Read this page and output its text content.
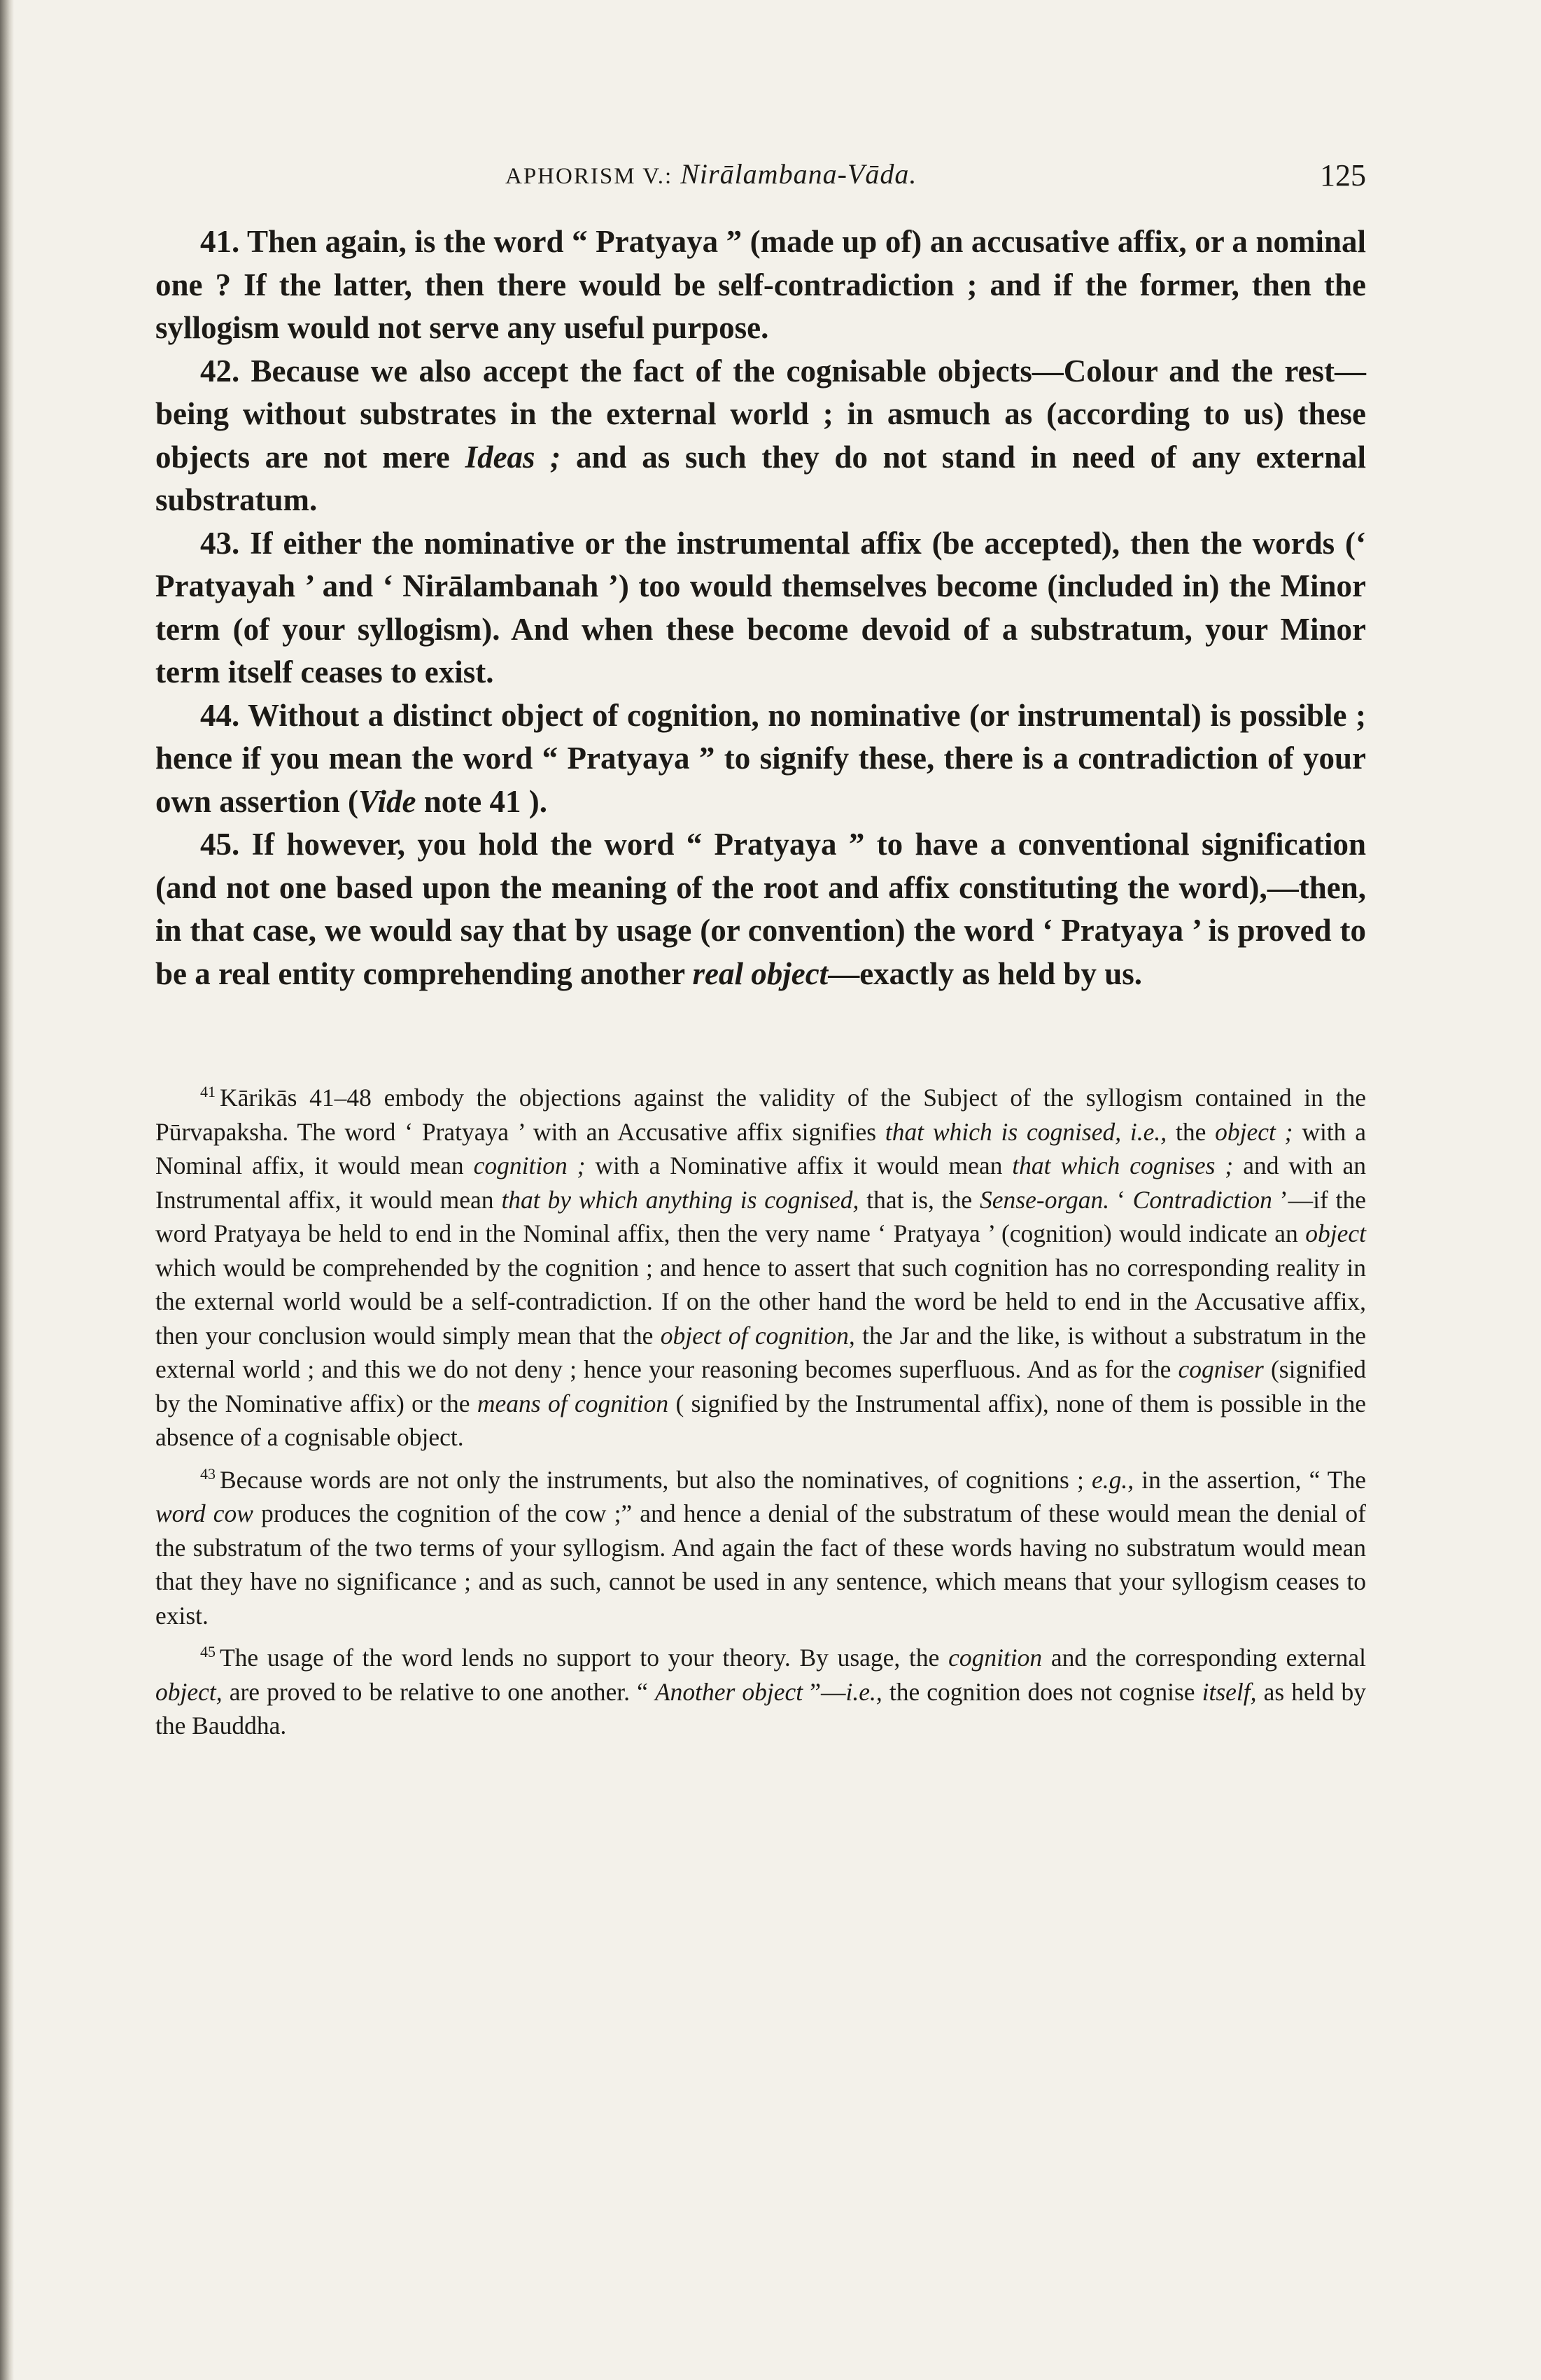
APHORISM V.: Nirālambana-Vāda.	125

41. Then again, is the word “ Pratyaya ” (made up of) an accusative affix, or a nominal one ? If the latter, then there would be self-contradiction ; and if the former, then the syllogism would not serve any useful purpose.

42. Because we also accept the fact of the cognisable objects—Colour and the rest—being without substrates in the external world ; in asmuch as (according to us) these objects are not mere Ideas ; and as such they do not stand in need of any external substratum.

43. If either the nominative or the instrumental affix (be accepted), then the words (‘ Pratyayah ’ and ‘ Nirālambanah ’) too would themselves become (included in) the Minor term (of your syllogism). And when these become devoid of a substratum, your Minor term itself ceases to exist.

44. Without a distinct object of cognition, no nominative (or instrumental) is possible ; hence if you mean the word “ Pratyaya ” to signify these, there is a contradiction of your own assertion (Vide note 41 ).

45. If however, you hold the word “ Pratyaya ” to have a conventional signification (and not one based upon the meaning of the root and affix constituting the word),—then, in that case, we would say that by usage (or convention) the word ‘ Pratyaya ’ is proved to be a real entity comprehending another real object—exactly as held by us.

$^{41}$ Kārikās 41–48 embody the objections against the validity of the Subject of the syllogism contained in the Pūrvapaksha. The word ‘ Pratyaya ’ with an Accusative affix signifies that which is cognised, i.e., the object ; with a Nominal affix, it would mean cognition ; with a Nominative affix it would mean that which cognises ; and with an Instrumental affix, it would mean that by which anything is cognised, that is, the Sense-organ. ‘ Contradiction ’—if the word Pratyaya be held to end in the Nominal affix, then the very name ‘ Pratyaya ’ (cognition) would indicate an object which would be comprehended by the cognition ; and hence to assert that such cognition has no corresponding reality in the external world would be a self-contradiction. If on the other hand the word be held to end in the Accusative affix, then your conclusion would simply mean that the object of cognition, the Jar and the like, is without a substratum in the external world ; and this we do not deny ; hence your reasoning becomes superfluous. And as for the cogniser (signified by the Nominative affix) or the means of cognition ( signified by the Instrumental affix), none of them is possible in the absence of a cognisable object.

$^{43}$ Because words are not only the instruments, but also the nominatives, of cognitions ; e.g., in the assertion, “ The word cow produces the cognition of the cow ;” and hence a denial of the substratum of these would mean the denial of the substratum of the two terms of your syllogism. And again the fact of these words having no substratum would mean that they have no significance ; and as such, cannot be used in any sentence, which means that your syllogism ceases to exist.

$^{45}$ The usage of the word lends no support to your theory. By usage, the cognition and the corresponding external object, are proved to be relative to one another. “ Another object ”—i.e., the cognition does not cognise itself, as held by the Bauddha.
